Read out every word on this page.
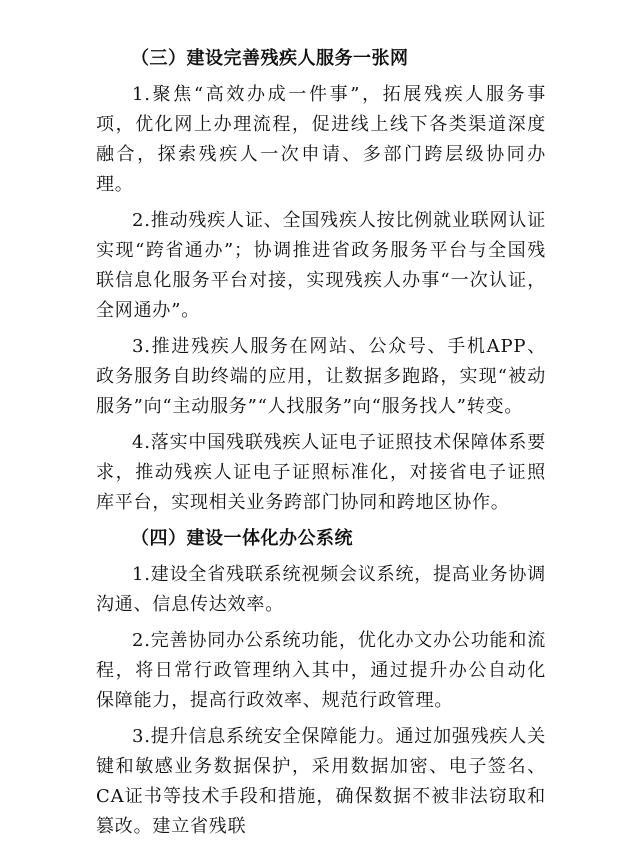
（三）建设完善残疾人服务一张网

1.聚焦“高效办成一件事”，拓展残疾人服务事项，优化网上办理流程，促进线上线下各类渠道深度融合，探索残疾人一次申请、多部门跨层级协同办理。

2.推动残疾人证、全国残疾人按比例就业联网认证实现“跨省通办”；协调推进省政务服务平台与全国残联信息化服务平台对接，实现残疾人办事“一次认证，全网通办”。

3.推进残疾人服务在网站、公众号、手机APP、政务服务自助终端的应用，让数据多跑路，实现“被动服务”向“主动服务”“人找服务”向“服务找人”转变。

4.落实中国残联残疾人证电子证照技术保障体系要求，推动残疾人证电子证照标准化，对接省电子证照库平台，实现相关业务跨部门协同和跨地区协作。

（四）建设一体化办公系统

1.建设全省残联系统视频会议系统，提高业务协调沟通、信息传达效率。

2.完善协同办公系统功能，优化办文办公功能和流程，将日常行政管理纳入其中，通过提升办公自动化保障能力，提高行政效率、规范行政管理。

3.提升信息系统安全保障能力。通过加强残疾人关键和敏感业务数据保护，采用数据加密、电子签名、CA证书等技术手段和措施，确保数据不被非法窃取和篡改。建立省残联
